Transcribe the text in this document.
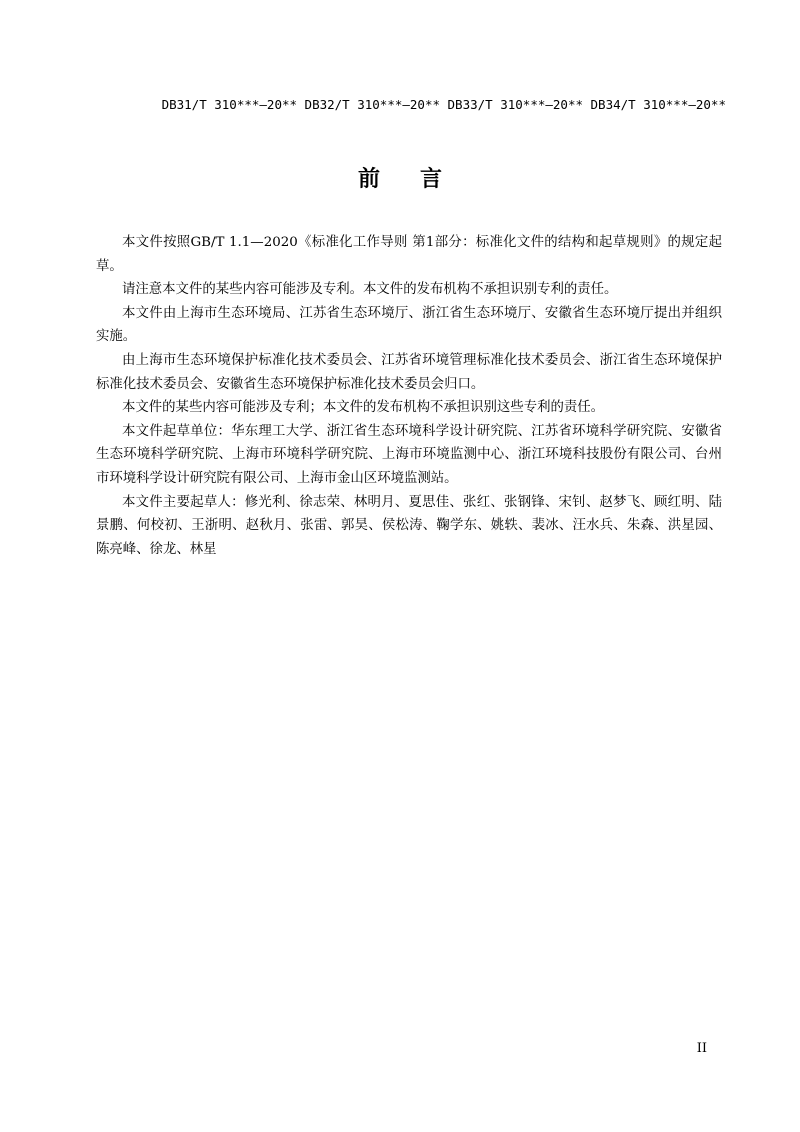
DB31/T 310***—20** DB32/T 310***—20** DB33/T 310***—20** DB34/T 310***—20**
前言

本文件按照GB/T 1.1—2020《标准化工作导则 第1部分：标准化文件的结构和起草规则》的规定起草。

请注意本文件的某些内容可能涉及专利。本文件的发布机构不承担识别专利的责任。

本文件由上海市生态环境局、江苏省生态环境厅、浙江省生态环境厅、安徽省生态环境厅提出并组织实施。

由上海市生态环境保护标准化技术委员会、江苏省环境管理标准化技术委员会、浙江省生态环境保护标准化技术委员会、安徽省生态环境保护标准化技术委员会归口。

本文件的某些内容可能涉及专利；本文件的发布机构不承担识别这些专利的责任。

本文件起草单位：华东理工大学、浙江省生态环境科学设计研究院、江苏省环境科学研究院、安徽省生态环境科学研究院、上海市环境科学研究院、上海市环境监测中心、浙江环境科技股份有限公司、台州市环境科学设计研究院有限公司、上海市金山区环境监测站。

本文件主要起草人：修光利、徐志荣、林明月、夏思佳、张红、张钢锋、宋钊、赵梦飞、顾红明、陆景鹏、何校初、王浙明、赵秋月、张雷、郭昊、侯松涛、鞠学东、姚轶、裴冰、汪水兵、朱森、洪星园、陈亮峰、徐龙、林星

II
